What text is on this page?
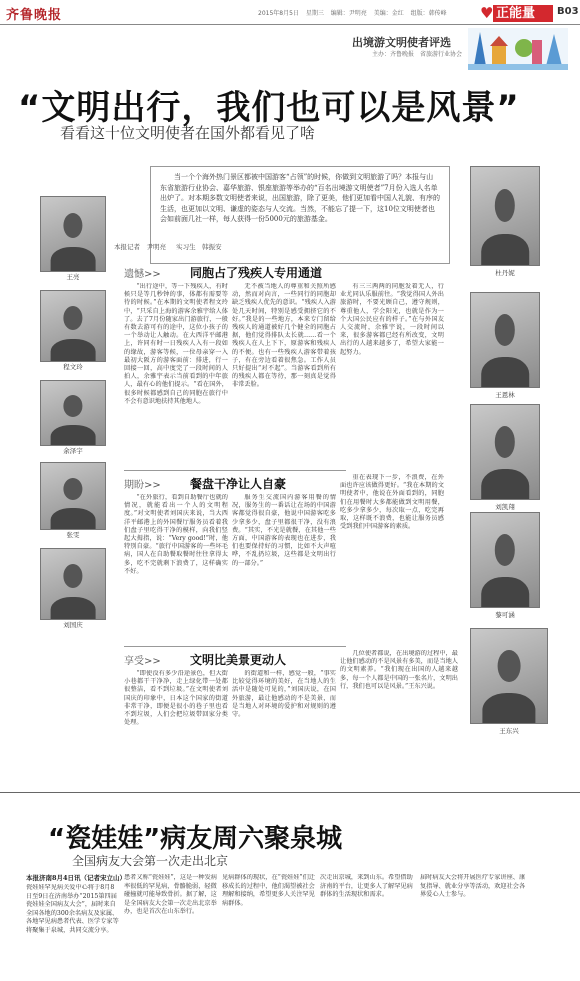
齐鲁晚报	2015年8月5日 星期三 编辑：尹明亮 美编：金红 组版：韩传峰	♥ 正能量	B03
出境游文明使者评选
主办：齐鲁晚报　省旅游行业协会
“文明出行，我们也可以是风景”
看看这十位文明使者在国外都看见了啥
当一个个海外热门景区都被中国游客“占领”的时候，你做到文明旅游了吗？本报与山东省旅游行业协会、嘉华旅游、银座旅游等举办的“百名出境游文明使者”7月份入选人名单出炉了。对本期多数文明使者来说，出国旅游，除了更美，他们更加看中国人礼貌、有序的生活，也更加以文明、谦虚的姿态与人交流。当然，不能忘了提一下，这10位文明使者也会如前面几社一样，每人获得一份5000元的旅游基金。
本报记者　尹明亮 实习生　韩振安
王亮
程文玲
余泽宇
张雯
刘国庆
杜丹妮
王恩林
刘凯翔
黎可涵
王东兴
遗憾>> 同胞占了残疾人专用通道

“出行途中，等一下残疾人，有时候只是等几秒钟的事，体都有需要等待的时候。”在本期的文明使者程文玲中，“只采自上海的游客余雅宇给人体了。去了7月份随家出门游旅行，一般有数去游可有的途中，这位小孩子的一个举动让人触动。在大西洋平邮港上，许同有时一日残疾人入有一段如的缘故，游客等候，一位母亲穿一入最初大阪方的游客面前：排进，行一回接一回，高中度完了一段时间的人拍人，余雅宇表示当前看到的中年旅人，最有心的他们提示。“看在国外，很多时候都感到自己的同胞在旅行中不会有意识地扶持其他地人。

无不被当地人的尊重和关照所感动，然而对向言，一些同行的同胞却缺乏残疾人优先的意识。“残疾人入游处几天时间，特别是感受拥挤它的不好。”我是的一些地方，本来专门留给残疾人的通道被好几个健全的同胞占据，他们觉得排队太长就……看一个残疾人在人上下下，原游客和残疾人的不便。也有一些残疾人游客带着孩子，有在旁边看着很焦急。工作人员只好提出“对不起”。当游客看到所有的残疾人都在等待，那一刻真是觉得非常丢脸。

有三三两两的同胞发着无人，行业尤同认乐服前往。“我觉得国人外出旅游时，不要光顾自己，遵守规则，尊重他人，学会阳光，也就是作为一个大国公民应有的样子。”在与外国友人交流时，余雅宇说，一段时间以来，很多游客都已经有所改变，文明出行的人越来越多了，希望大家能一起努力。

期盼>> 餐盘干净让人自豪

“在外旅行，看到自助餐厅也就的情况，就能看出一个人的文明程度。”对文明使者刘国庆来说，当大西洋平邮港上的外国餐厅服务员看着我们盘子里吃得干净的模样，向我们竖起大拇指，说：“Very good!”时，他特别自豪。“旅行中国游客的一些坏毛病，国人在自助餐取餐时往往拿得太多，吃不完就剩下浪费了，这样确实不好。

服务生交流国内游客用餐的情况，服务生的一番话让在场的中国游客都觉得很自豪，他说中国游客吃多少拿多少，盘子里都很干净，没有浪费。“其实，不光是就餐，在其他一些方面，中国游客的表现也在进步，我们也要保持好的习惯，比如不大声喧哗，不乱扔垃圾，这些都是文明出行的一部分。”

重在表现下一步，不浪费，在外面也许应该做得更好。“我在本期的文明使者中，他说在外面看到的，同胞们在用餐时大多都能做到文明用餐，吃多少拿多少，每次取一点，吃完再取，这样既不浪费，也能让服务员感受到我们中国游客的素质。

享受>> 文明比美景更动人

“即使没有多少沿途景色，但大街小巷都干干净净，走上绿化带一处都很整洁，看不到垃圾。”在文明使者刘国庆的印象中，日本这个国家的街道非常干净，即便是很小的巷子里也看不到垃圾，人们会把垃圾带回家分类处理。

的街道和一样，感觉一般，“事实比较觉得环境的美好，在当地人的生活中是随处可见的，”刘国庆说，在国外旅游，最让他感动的不是美景，而是当地人对环境的爱护和对规则的遵守。

几位使者都说，在出境游的过程中，最让他们感动的不是风景有多美，而是当地人的文明素养。“我们现在出国的人越来越多，每一个人都是中国的一张名片，文明出行，我们也可以是风景。”王东兴说。

“瓷娃娃”病友周六聚泉城
全国病友大会第一次走出北京
本报济南8月4日讯（记者宋立山）
瓷娃娃罕见病关爱中心将于8月8日至9日在济南举办“2015第四届瓷娃娃全国病友大会”，届时来自全国各地的300余名病友及家属、各地罕见病患者代表、医学专家等将聚集于泉城，共同交流分享。
患者又称“瓷娃娃”，这是一种发病率很低的罕见病，骨骼脆弱，轻微碰撞就可能导致骨折。据了解，这是全国病友大会第一次走出北京举办，也是首次在山东举行。
见病群体的现状，在“瓷娃娃”们迁移成长的过程中，他们渴望被社会理解和接纳，希望更多人关注罕见病群体。
次走出京城，来到山东。希望借助济南的平台，让更多人了解罕见病群体的生活现状和需求。
届时病友大会将开展医疗专家讲座、康复指导、就业分享等活动，欢迎社会各界爱心人士参与。
